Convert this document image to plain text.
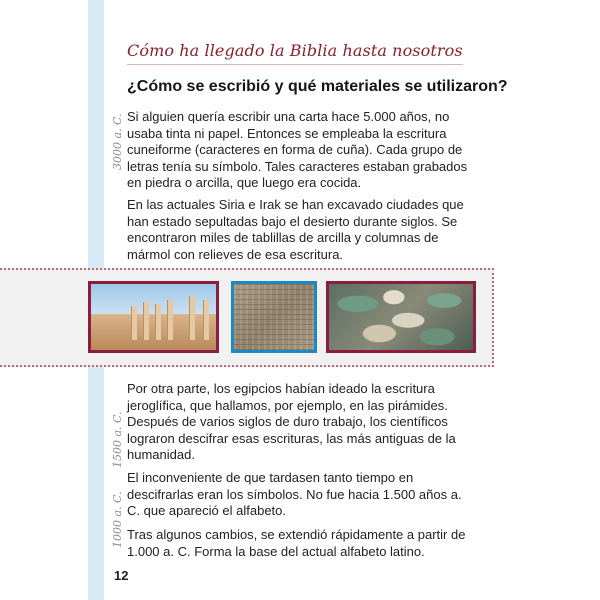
3000 a. C.
1500 a. C.
1000 a. C.
Cómo ha llegado la Biblia hasta nosotros
¿Cómo se escribió y qué materiales se utilizaron?
Si alguien quería escribir una carta hace 5.000 años, no usaba tinta ni papel. Entonces se empleaba la escritura cuneiforme (caracteres en forma de cuña). Cada grupo de letras tenía su símbolo. Tales caracteres estaban grabados en piedra o arcilla, que luego era cocida.
En las actuales Siria e Irak se han excavado ciudades que han estado sepultadas bajo el desierto durante siglos. Se encontraron miles de tablillas de arcilla y columnas de mármol con relieves de esa escritura.
Por otra parte, los egipcios habían ideado la escritura jeroglífica, que hallamos, por ejemplo, en las pirámides. Después de varios siglos de duro trabajo, los científicos lograron descifrar esas escrituras, las más antiguas de la humanidad.
El inconveniente de que tardasen tanto tiempo en descifrarlas eran los símbolos. No fue hacia 1.500 años a. C. que apareció el alfabeto.
Tras algunos cambios, se extendió rápidamente a partir de 1.000 a. C. Forma la base del actual alfabeto latino.
12
